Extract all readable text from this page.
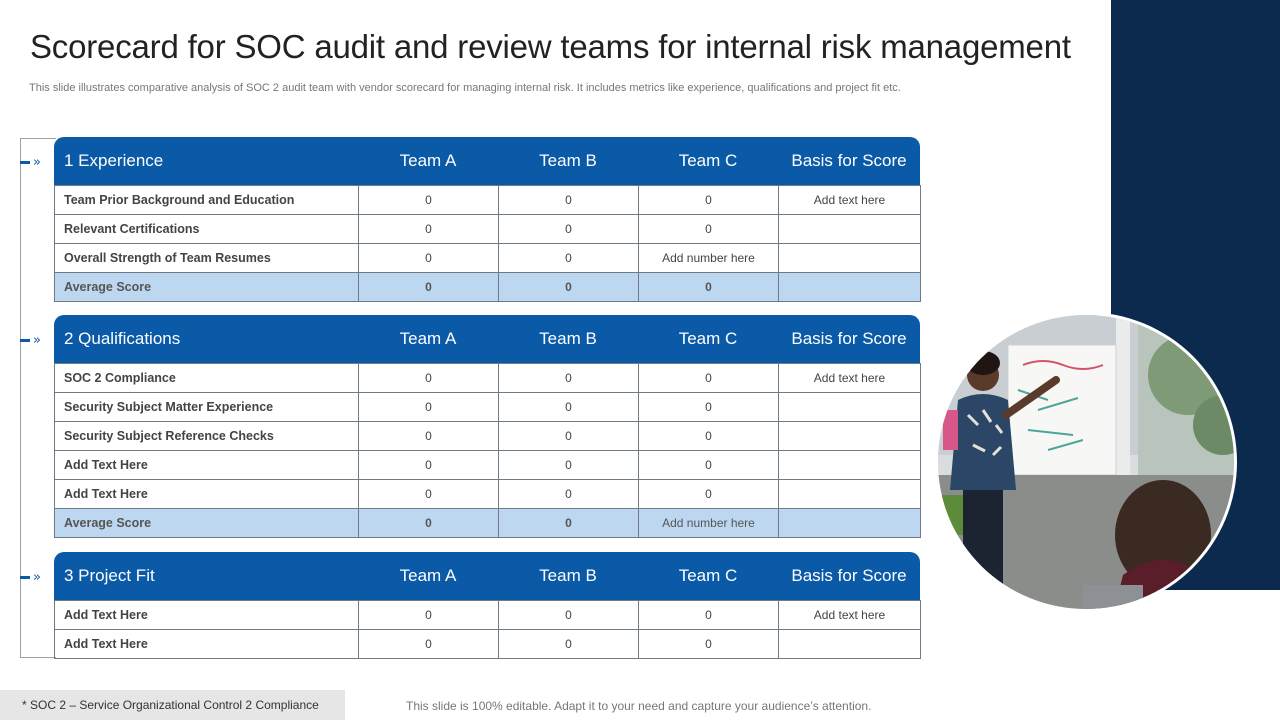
Scorecard for SOC audit and review teams for internal risk management

This slide illustrates comparative analysis of SOC 2 audit team with vendor scorecard for managing internal risk. It includes metrics like experience, qualifications and project fit etc.

»
»
»
1 Experience	Team A	Team B	Team C	Basis for Score
Team Prior Background and Education	0	0	0	Add text here
Relevant Certifications	0	0	0	
Overall Strength of Team Resumes	0	0	Add number here	
Average Score	0	0	0	
2 Qualifications	Team A	Team B	Team C	Basis for Score
SOC 2 Compliance	0	0	0	Add text here
Security Subject Matter Experience	0	0	0	
Security Subject Reference Checks	0	0	0	
Add Text Here	0	0	0	
Add Text Here	0	0	0	
Average Score	0	0	Add number here	
3 Project Fit	Team A	Team B	Team C	Basis for Score
Add Text Here	0	0	0	Add text here
Add Text Here	0	0	0	
* SOC 2 – Service Organizational Control 2 Compliance	This slide is 100% editable. Adapt it to your need and capture your audience’s attention.
